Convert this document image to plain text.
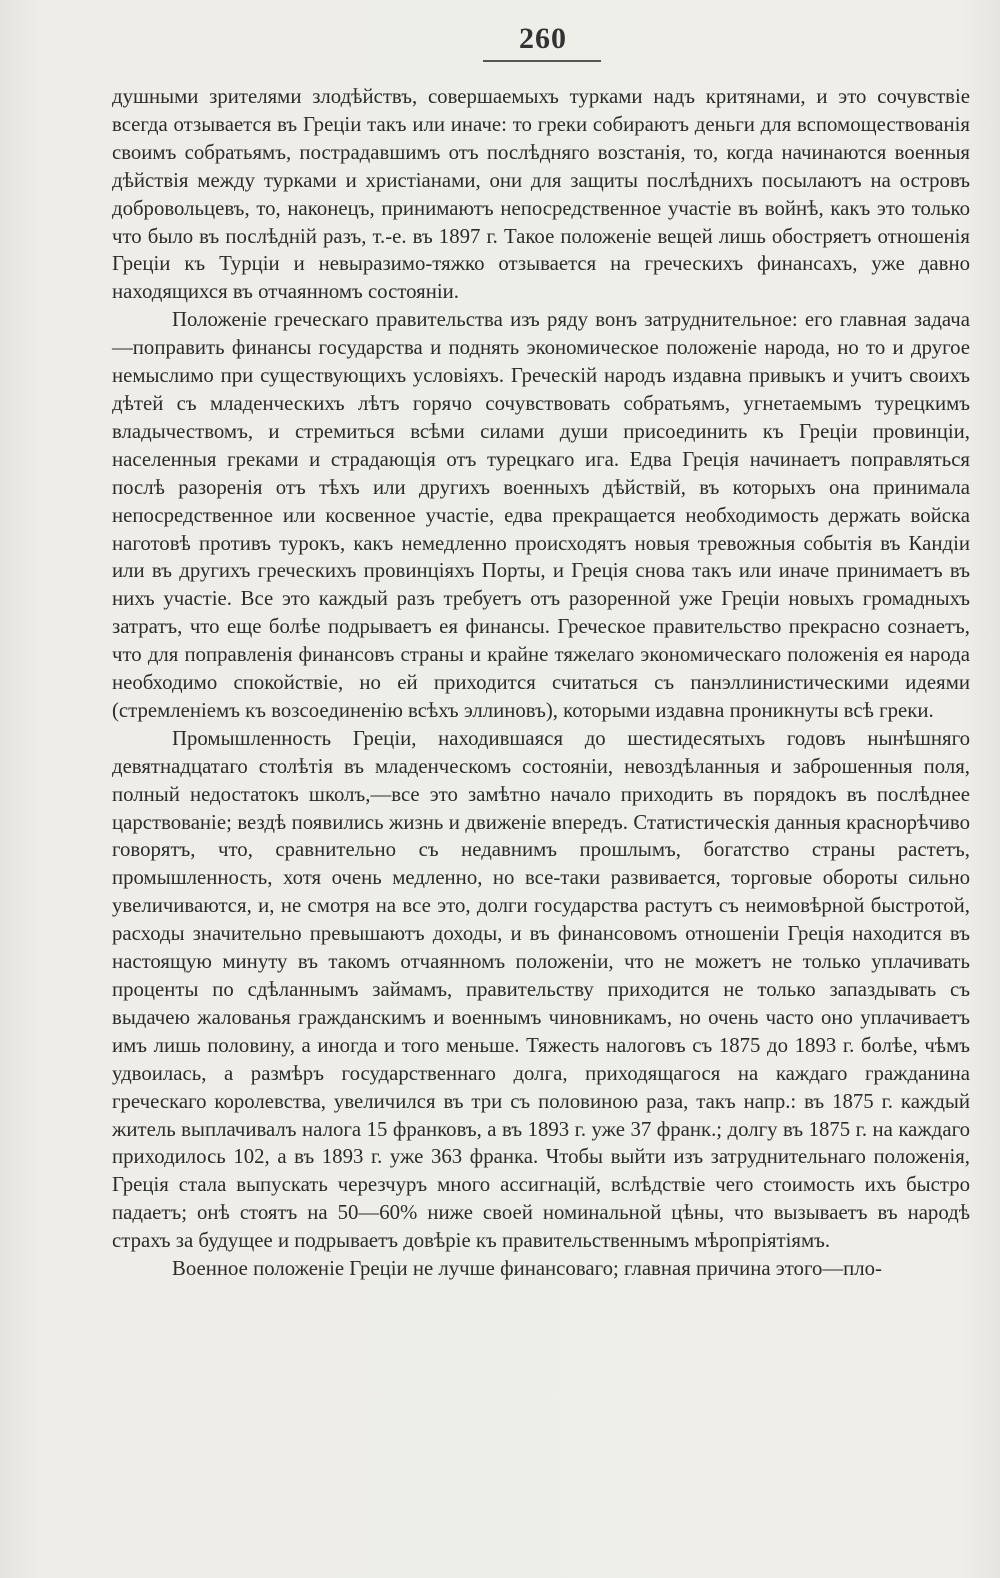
260

душными зрителями злодѣйствъ, совершаемыхъ турками надъ критянами, и это сочувствіе всегда отзывается въ Греціи такъ или иначе: то греки собираютъ деньги для вспомоществованія своимъ собратьямъ, пострадавшимъ отъ послѣдняго возстанія, то, когда начинаются военныя дѣйствія между турками и христіанами, они для защиты послѣднихъ посылаютъ на островъ добровольцевъ, то, наконецъ, принимаютъ непосредственное участіе въ войнѣ, какъ это только что было въ послѣдній разъ, т.-е. въ 1897 г. Такое положеніе вещей лишь обостряетъ отношенія Греціи къ Турціи и невыразимо-тяжко отзывается на греческихъ финансахъ, уже давно находящихся въ отчаянномъ состояніи.

Положеніе греческаго правительства изъ ряду вонъ затруднительное: его главная задача—поправить финансы государства и поднять экономическое положеніе народа, но то и другое немыслимо при существующихъ условіяхъ. Греческій народъ издавна привыкъ и учитъ своихъ дѣтей съ младенческихъ лѣтъ горячо сочувствовать собратьямъ, угнетаемымъ турецкимъ владычествомъ, и стремиться всѣми силами души присоединить къ Греціи провинціи, населенныя греками и страдающія отъ турецкаго ига. Едва Греція начинаетъ поправляться послѣ разоренія отъ тѣхъ или другихъ военныхъ дѣйствій, въ которыхъ она принимала непосредственное или косвенное участіе, едва прекращается необходимость держать войска наготовѣ противъ турокъ, какъ немедленно происходятъ новыя тревожныя событія въ Кандіи или въ другихъ греческихъ провинціяхъ Порты, и Греція снова такъ или иначе принимаетъ въ нихъ участіе. Все это каждый разъ требуетъ отъ разоренной уже Греціи новыхъ громадныхъ затратъ, что еще болѣе подрываетъ ея финансы. Греческое правительство прекрасно сознаетъ, что для поправленія финансовъ страны и крайне тяжелаго экономическаго положенія ея народа необходимо спокойствіе, но ей приходится считаться съ панэллинистическими идеями (стремленіемъ къ возсоединенію всѣхъ эллиновъ), которыми издавна проникнуты всѣ греки.

Промышленность Греціи, находившаяся до шестидесятыхъ годовъ нынѣшняго девятнадцатаго столѣтія въ младенческомъ состояніи, невоздѣланныя и заброшенныя поля, полный недостатокъ школъ,—все это замѣтно начало приходить въ порядокъ въ послѣднее царствованіе; вездѣ появились жизнь и движеніе впередъ. Статистическія данныя краснорѣчиво говорятъ, что, сравнительно съ недавнимъ прошлымъ, богатство страны растетъ, промышленность, хотя очень медленно, но все-таки развивается, торговые обороты сильно увеличиваются, и, не смотря на все это, долги государства растутъ съ неимовѣрной быстротой, расходы значительно превышаютъ доходы, и въ финансовомъ отношеніи Греція находится въ настоящую минуту въ такомъ отчаянномъ положеніи, что не можетъ не только уплачивать проценты по сдѣланнымъ займамъ, правительству приходится не только запаздывать съ выдачею жалованья гражданскимъ и военнымъ чиновникамъ, но очень часто оно уплачиваетъ имъ лишь половину, а иногда и того меньше. Тяжесть налоговъ съ 1875 до 1893 г. болѣе, чѣмъ удвоилась, а размѣръ государственнаго долга, приходящагося на каждаго гражданина греческаго королевства, увеличился въ три съ половиною раза, такъ напр.: въ 1875 г. каждый житель выплачивалъ налога 15 франковъ, а въ 1893 г. уже 37 франк.; долгу въ 1875 г. на каждаго приходилось 102, а въ 1893 г. уже 363 франка. Чтобы выйти изъ затруднительнаго положенія, Греція стала выпускать черезчуръ много ассигнацій, вслѣдствіе чего стоимость ихъ быстро падаетъ; онѣ стоятъ на 50—60% ниже своей номинальной цѣны, что вызываетъ въ народѣ страхъ за будущее и подрываетъ довѣріе къ правительственнымъ мѣропріятіямъ.

Военное положеніе Греціи не лучше финансоваго; главная причина этого—пло-
